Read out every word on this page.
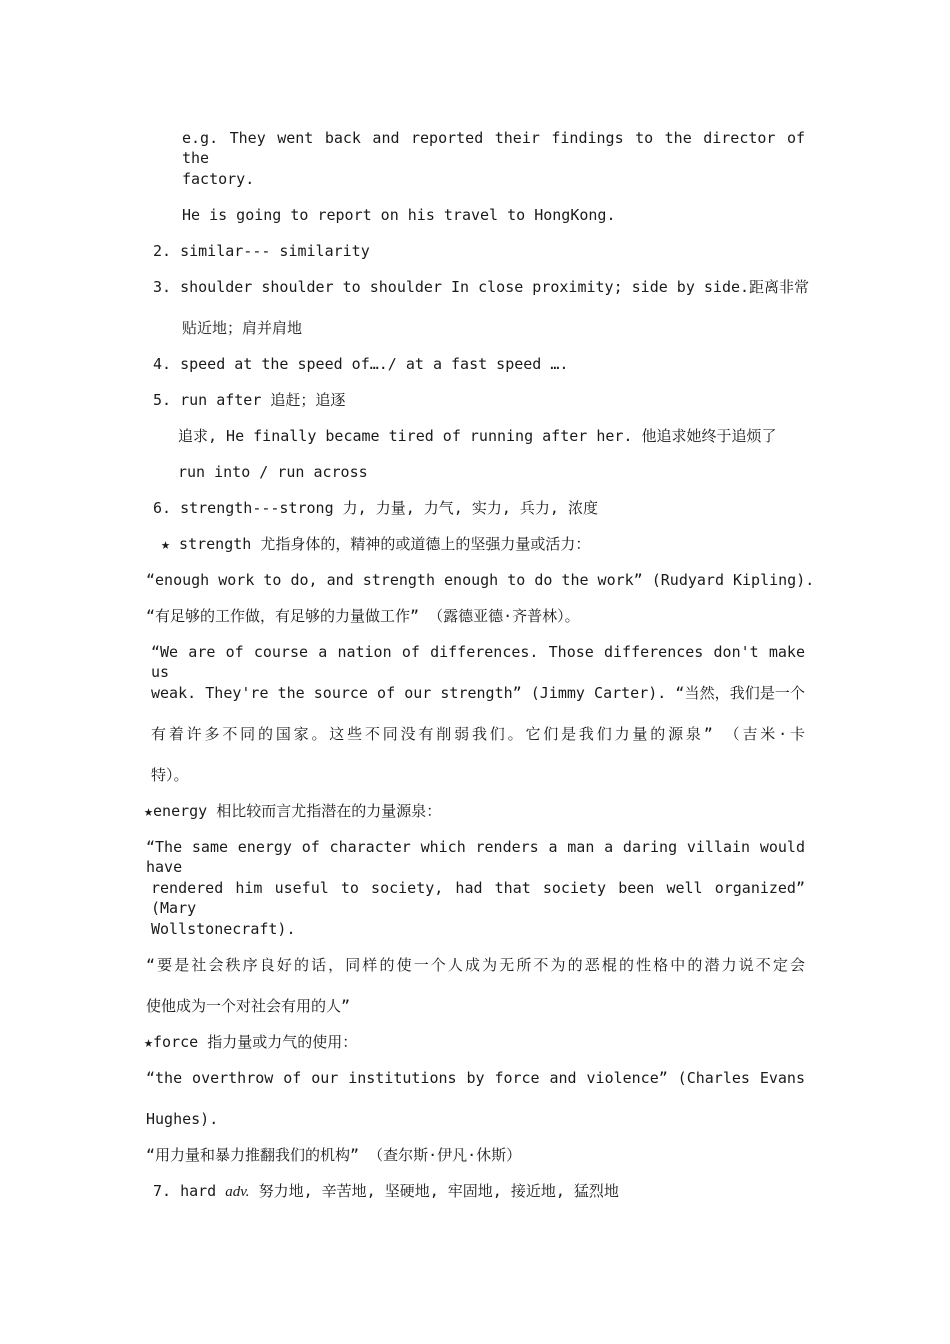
e.g. They went back and reported their findings to the director of the
factory.
He is going to report on his travel to HongKong.
2. similar--- similarity
3. shoulder shoulder to shoulder In close proximity; side by side.距离非常
贴近地；肩并肩地
4. speed at the speed of….∕ at a fast speed ….
5. run after 追赶；追逐
追求, He finally became tired of running after her. 他追求她终于追烦了
run into / run across
6. strength---strong 力, 力量, 力气, 实力, 兵力, 浓度
★ strength 尤指身体的，精神的或道德上的坚强力量或活力：
“enough work to do, and strength enough to do the work” (Rudyard Kipling).
“有足够的工作做，有足够的力量做工作” （露德亚德·齐普林）。
“We are of course a nation of differences. Those differences don't make us
weak. They're the source of our strength” (Jimmy Carter). “当然，我们是一个
有着许多不同的国家。这些不同没有削弱我们。它们是我们力量的源泉” （吉米·卡
特）。
★energy 相比较而言尤指潜在的力量源泉：
“The same energy of character which renders a man a daring villain would have
rendered him useful to society, had that society been well organized” (Mary
Wollstonecraft).
“要是社会秩序良好的话，同样的使一个人成为无所不为的恶棍的性格中的潜力说不定会
使他成为一个对社会有用的人”
★force 指力量或力气的使用：
“the overthrow of our institutions by force and violence” (Charles Evans
Hughes).
“用力量和暴力推翻我们的机构” （查尔斯·伊凡·休斯）
7. hard adv. 努力地, 辛苦地, 坚硬地, 牢固地, 接近地, 猛烈地
